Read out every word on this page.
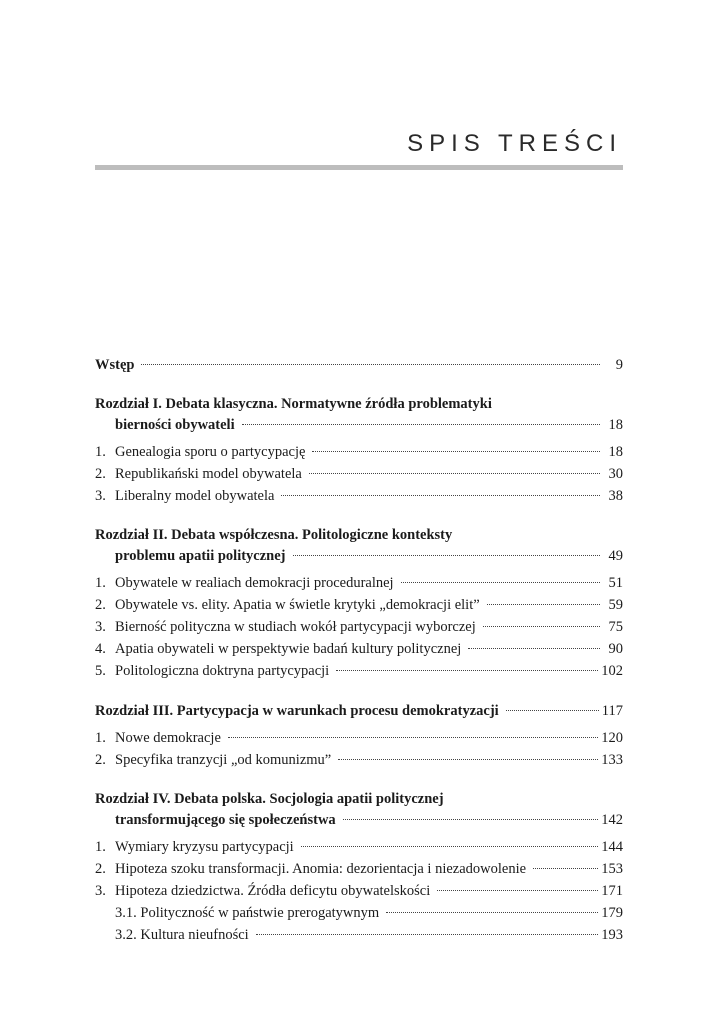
SPIS TREŚCI
Wstęp	9
Rozdział I. Debata klasyczna. Normatywne źródła problematyki
bierności obywateli	18
1. Genealogia sporu o partycypację	18
2. Republikański model obywatela	30
3. Liberalny model obywatela	38
Rozdział II. Debata współczesna. Politologiczne konteksty
problemu apatii politycznej	49
1. Obywatele w realiach demokracji proceduralnej	51
2. Obywatele vs. elity. Apatia w świetle krytyki „demokracji elit”	59
3. Bierność polityczna w studiach wokół partycypacji wyborczej	75
4. Apatia obywateli w perspektywie badań kultury politycznej	90
5. Politologiczna doktryna partycypacji	102
Rozdział III. Partycypacja w warunkach procesu demokratyzacji	117
1. Nowe demokracje	120
2. Specyfika tranzycji „od komunizmu”	133
Rozdział IV. Debata polska. Socjologia apatii politycznej
transformującego się społeczeństwa	142
1. Wymiary kryzysu partycypacji	144
2. Hipoteza szoku transformacji. Anomia: dezorientacja i niezadowolenie	153
3. Hipoteza dziedzictwa. Źródła deficytu obywatelskości	171
3.1. Polityczność w państwie prerogatywnym	179
3.2. Kultura nieufności	193
